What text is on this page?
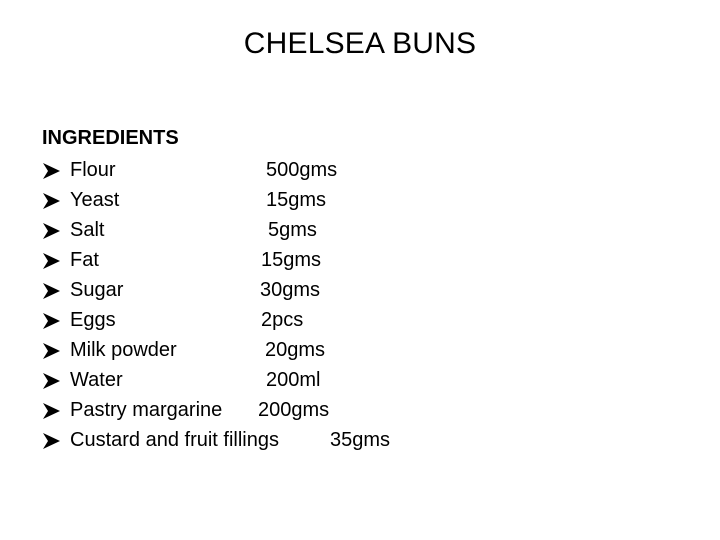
CHELSEA BUNS
INGREDIENTS
Flour	500gms
Yeast	15gms
Salt	5gms
Fat	15gms
Sugar	30gms
Eggs	2pcs
Milk powder	20gms
Water	200ml
Pastry margarine 200gms
Custard and fruit fillings	35gms
